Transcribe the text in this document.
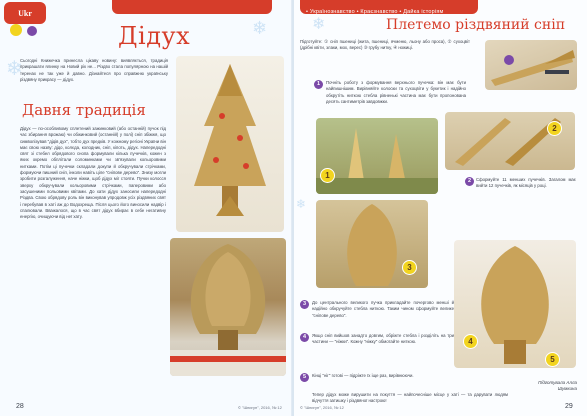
❄
❄
Ukr
Дідух
Сьогодні Книжечка принесла цікаву новину: виявляється, традиція прикрашати ялинку на Новий рік не... Різдво стала популярною на нашій теренах не так уже й давно. Дізнайтеся про справжню українську різдвяну прикрасу — дідух.
Давня традиція
Дідух — по-особливому сплетений зажинковий (або останній) пучок під час збирання врожаю) чи обжинковий (останній) у полі) сніп збіжжя, що символізував "дідів дух", тобто дух предків. У кожному регіоні України він має свою назву: дідо, колєда, колодник, сніп, кіпоть, дідух. Напередодні свят зі стебел обрядового снопа формували кілька пучечків, кожен з яких окремо обплітали соломинками чи зв'язували кольоровими нитками. Потім ці пучечки складали докупи й обкручували стрічками, формуючи пишний сніп, інколи навіть ціле "сніпове дерево". Знизу могли зробити розгалуження, наче ніжки, щоб дідух міг стояти. Пучки колосся зверху обкручували кольоровими стрічками, паперовими або засушеними польовими квітами. До хати дідух заносили напередодні Різдва. Свою обрядову роль він виконував упродовж усіх різдвяних свят і перебував в хаті аж до Водохреща. Після цього його виносили надвір і спалювали. Вважалося, що в час свят дідух вбирає в себе негативну енергію, очищуючи від неї хату.
28	© "Шпигун", 2016, № 12
❄
❄
• Українознавство • Краєзнавство • Дайка історіям
Плетемо різдвяний сніп
Підготуйте: ① сніп пшениці (жита, пшениці, ячменю, льону або проса), ② сухоцвіт (дрібні квіти, злаки, мох, верес) ③ грубу нитку, ④ ножиці.
1	Почніть роботу з формування верхнього пучечка: він має бути найпишнішим. Вирівняйте колоски та сухоцвіти у букетик і надійно обкрутіть ниткою стебла рівненькі частина має бути пропонована десять сантиметрів завдовжки.
2	Сформуйте 11 менших пучечків. Загалом має вийти 12 пучечків, як місяців у році.
1
2
3
4
5
3	До центрального великого пучка прикладайте почергово менші й надійно обкручуйте стебла ниткою. Таким чином сформуйте велике "сніпове дерево".
4	Якщо сніп вийшов занадто довгим, обріжте стебла і розділіть на три частини — "ніжки". Кожну "ніжку" обмотайте ниткою.
5	Кінці "ніг" готові — підріжте їх іще раз, вирівнюючи.
Тепер дідух може вирушити на покуття — найпочесніше місце у хаті — та дарувати людям відчуття затишку і різдвяної настрою!
Підготувала Алла Шумкина
© "Шпигун", 2016, № 12	29
